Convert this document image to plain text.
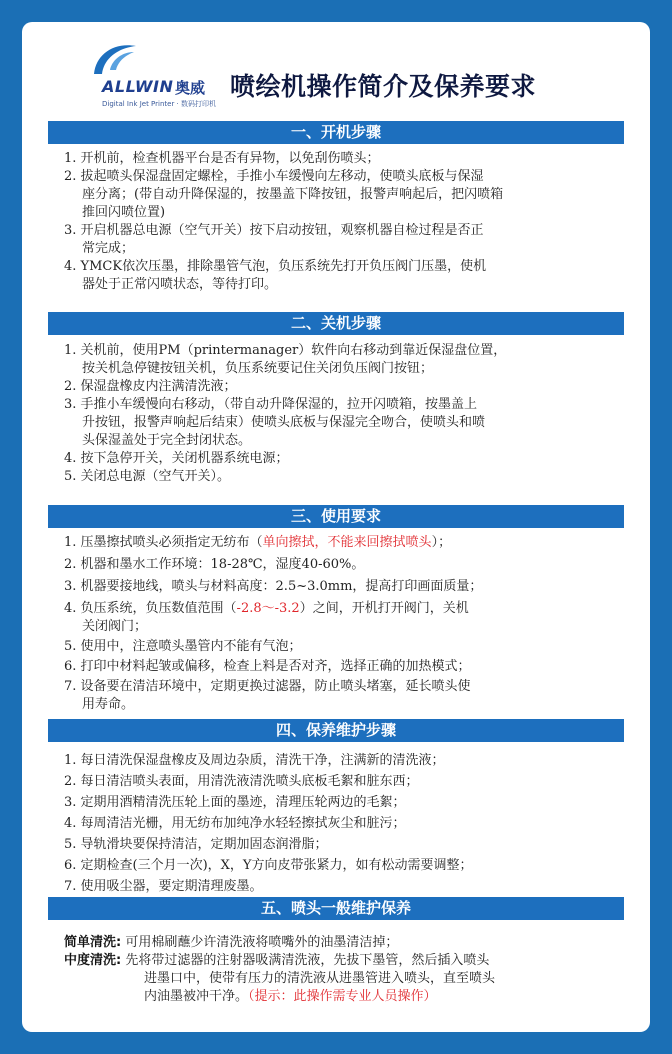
ALLWIN 奥威
Digital Ink Jet Printer · 数码打印机
喷绘机操作简介及保养要求
一、开机步骤
1. 开机前，检查机器平台是否有异物，以免刮伤喷头；
2. 拔起喷头保湿盘固定螺栓，手推小车缓慢向左移动，使喷头底板与保湿
座分离；(带自动升降保湿的，按墨盖下降按钮，报警声响起后，把闪喷箱
推回闪喷位置)
3. 开启机器总电源（空气开关）按下启动按钮，观察机器自检过程是否正
常完成；
4. YMCK依次压墨，排除墨管气泡，负压系统先打开负压阀门压墨，使机
器处于正常闪喷状态，等待打印。
二、关机步骤
1. 关机前，使用PM（printermanager）软件向右移动到靠近保湿盘位置，
按关机急停键按钮关机，负压系统要记住关闭负压阀门按钮；
2. 保湿盘橡皮内注满清洗液；
3. 手推小车缓慢向右移动，（带自动升降保湿的，拉开闪喷箱，按墨盖上
升按钮，报警声响起后结束）使喷头底板与保湿完全吻合，使喷头和喷
头保湿盖处于完全封闭状态。
4. 按下急停开关，关闭机器系统电源；
5. 关闭总电源（空气开关）。
三、使用要求
1. 压墨擦拭喷头必须指定无纺布（单向擦拭，不能来回擦拭喷头）；
2. 机器和墨水工作环境：18-28℃，湿度40-60%。
3. 机器要接地线，喷头与材料高度：2.5~3.0mm，提高打印画面质量；
4. 负压系统，负压数值范围（-2.8～-3.2）之间，开机打开阀门，关机
关闭阀门；
5. 使用中，注意喷头墨管内不能有气泡；
6. 打印中材料起皱或偏移，检查上料是否对齐，选择正确的加热模式；
7. 设备要在清洁环境中，定期更换过滤器，防止喷头堵塞，延长喷头使
用寿命。
四、保养维护步骤
1. 每日清洗保湿盘橡皮及周边杂质，清洗干净，注满新的清洗液；
2. 每日清洁喷头表面，用清洗液清洗喷头底板毛絮和脏东西；
3. 定期用酒精清洗压轮上面的墨迹，清理压轮两边的毛絮；
4. 每周清洁光栅，用无纺布加纯净水轻轻擦拭灰尘和脏污；
5. 导轨滑块要保持清洁，定期加固态润滑脂；
6. 定期检查(三个月一次)，X，Y方向皮带张紧力，如有松动需要调整；
7. 使用吸尘器，要定期清理废墨。
五、喷头一般维护保养
简单清洗: 可用棉刷蘸少许清洗液将喷嘴外的油墨清洁掉；
中度清洗: 先将带过滤器的注射器吸满清洗液，先拔下墨管，然后插入喷头
进墨口中，使带有压力的清洗液从进墨管进入喷头，直至喷头
内油墨被冲干净。（提示：此操作需专业人员操作）
